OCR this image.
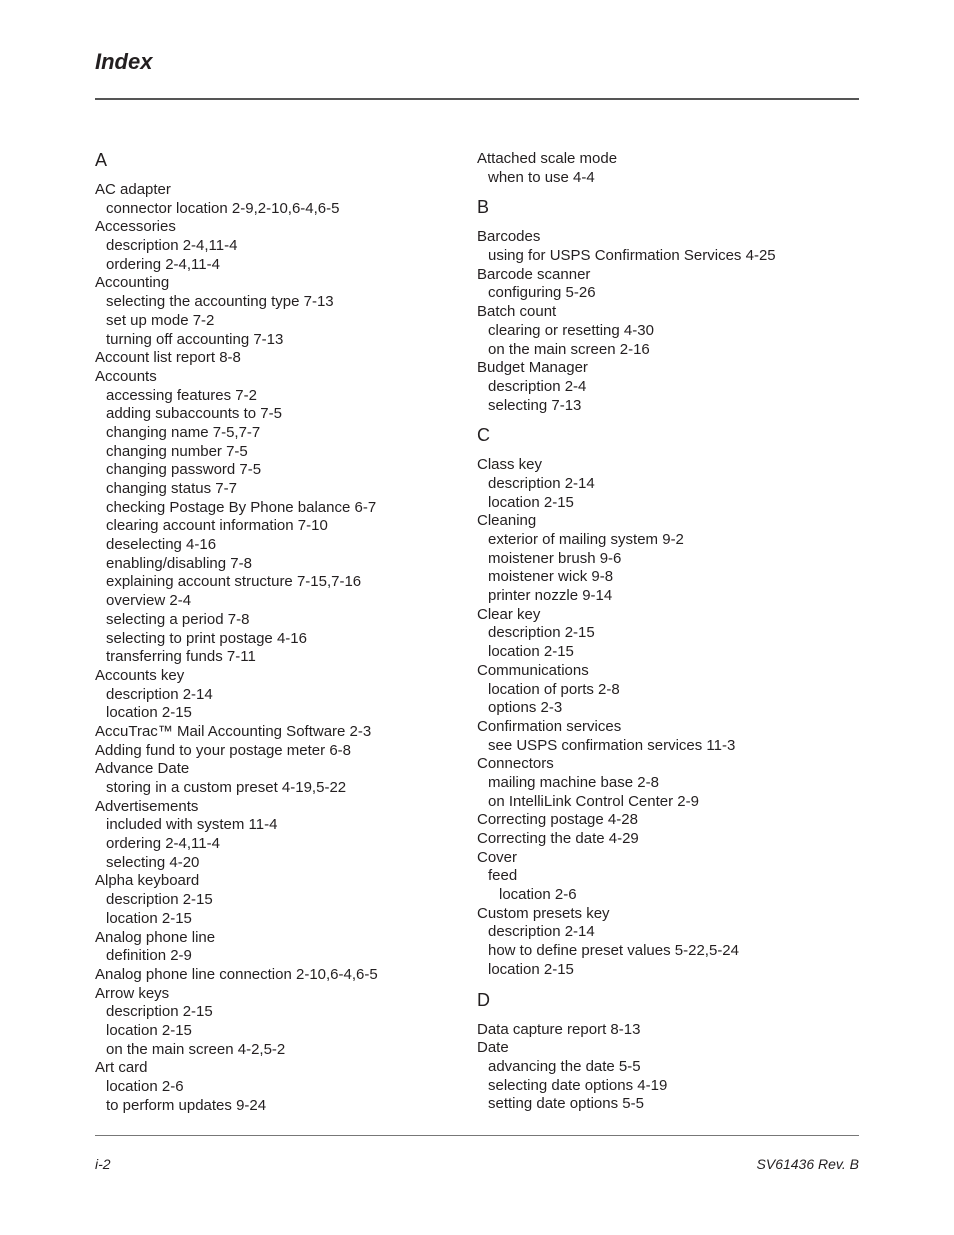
Index
A
AC adapter
connector location 2-9,2-10,6-4,6-5
Accessories
description 2-4,11-4
ordering 2-4,11-4
Accounting
selecting the accounting type 7-13
set up mode 7-2
turning off accounting 7-13
Account list report 8-8
Accounts
accessing features 7-2
adding subaccounts to 7-5
changing name 7-5,7-7
changing number 7-5
changing password 7-5
changing status 7-7
checking Postage By Phone balance 6-7
clearing account information 7-10
deselecting 4-16
enabling/disabling 7-8
explaining account structure 7-15,7-16
overview 2-4
selecting a period 7-8
selecting to print postage 4-16
transferring funds 7-11
Accounts key
description 2-14
location 2-15
AccuTrac™ Mail Accounting Software 2-3
Adding fund to your postage meter 6-8
Advance Date
storing in a custom preset 4-19,5-22
Advertisements
included with system 11-4
ordering 2-4,11-4
selecting 4-20
Alpha keyboard
description 2-15
location 2-15
Analog phone line
definition 2-9
Analog phone line connection 2-10,6-4,6-5
Arrow keys
description 2-15
location 2-15
on the main screen 4-2,5-2
Art card
location 2-6
to perform updates 9-24
Attached scale mode
when to use 4-4
B
Barcodes
using for USPS Confirmation Services 4-25
Barcode scanner
configuring 5-26
Batch count
clearing or resetting 4-30
on the main screen 2-16
Budget Manager
description 2-4
selecting 7-13
C
Class key
description 2-14
location 2-15
Cleaning
exterior of mailing system 9-2
moistener brush 9-6
moistener wick 9-8
printer nozzle 9-14
Clear key
description 2-15
location 2-15
Communications
location of ports 2-8
options 2-3
Confirmation services
see USPS confirmation services 11-3
Connectors
mailing machine base 2-8
on IntelliLink Control Center 2-9
Correcting postage 4-28
Correcting the date 4-29
Cover
feed
location 2-6
Custom presets key
description 2-14
how to define preset values 5-22,5-24
location 2-15
D
Data capture report 8-13
Date
advancing the date 5-5
selecting date options 4-19
setting date options 5-5
i-2	SV61436 Rev. B
